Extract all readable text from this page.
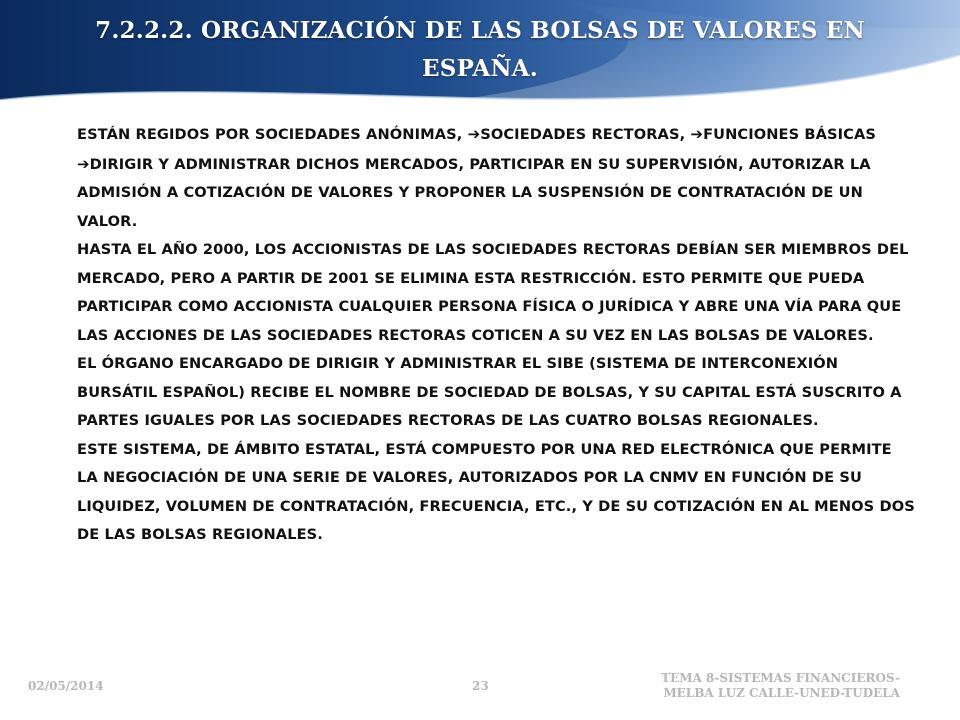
7.2.2.2. ORGANIZACIÓN DE LAS BOLSAS DE VALORES EN ESPAÑA.

ESTÁN REGIDOS POR SOCIEDADES ANÓNIMAS, ➔SOCIEDADES RECTORAS, ➔FUNCIONES BÁSICAS ➔DIRIGIR Y ADMINISTRAR DICHOS MERCADOS, PARTICIPAR EN SU SUPERVISIÓN, AUTORIZAR LA ADMISIÓN A COTIZACIÓN DE VALORES Y PROPONER LA SUSPENSIÓN DE CONTRATACIÓN DE UN VALOR.

HASTA EL AÑO 2000, LOS ACCIONISTAS DE LAS SOCIEDADES RECTORAS DEBÍAN SER MIEMBROS DEL MERCADO, PERO A PARTIR DE 2001 SE ELIMINA ESTA RESTRICCIÓN. ESTO PERMITE QUE PUEDA PARTICIPAR COMO ACCIONISTA CUALQUIER PERSONA FÍSICA O JURÍDICA Y ABRE UNA VÍA PARA QUE LAS ACCIONES DE LAS SOCIEDADES RECTORAS COTICEN A SU VEZ EN LAS BOLSAS DE VALORES.

EL ÓRGANO ENCARGADO DE DIRIGIR Y ADMINISTRAR EL SIBE (SISTEMA DE INTERCONEXIÓN BURSÁTIL ESPAÑOL) RECIBE EL NOMBRE DE SOCIEDAD DE BOLSAS, Y SU CAPITAL ESTÁ SUSCRITO A PARTES IGUALES POR LAS SOCIEDADES RECTORAS DE LAS CUATRO BOLSAS REGIONALES.

ESTE SISTEMA, DE ÁMBITO ESTATAL, ESTÁ COMPUESTO POR UNA RED ELECTRÓNICA QUE PERMITE LA NEGOCIACIÓN DE UNA SERIE DE VALORES, AUTORIZADOS POR LA CNMV EN FUNCIÓN DE SU LIQUIDEZ, VOLUMEN DE CONTRATACIÓN, FRECUENCIA, ETC., Y DE SU COTIZACIÓN EN AL MENOS DOS DE LAS BOLSAS REGIONALES.

02/05/2014	23
TEMA 8-SISTEMAS FINANCIEROS-
MELBA LUZ CALLE-UNED-TUDELA
